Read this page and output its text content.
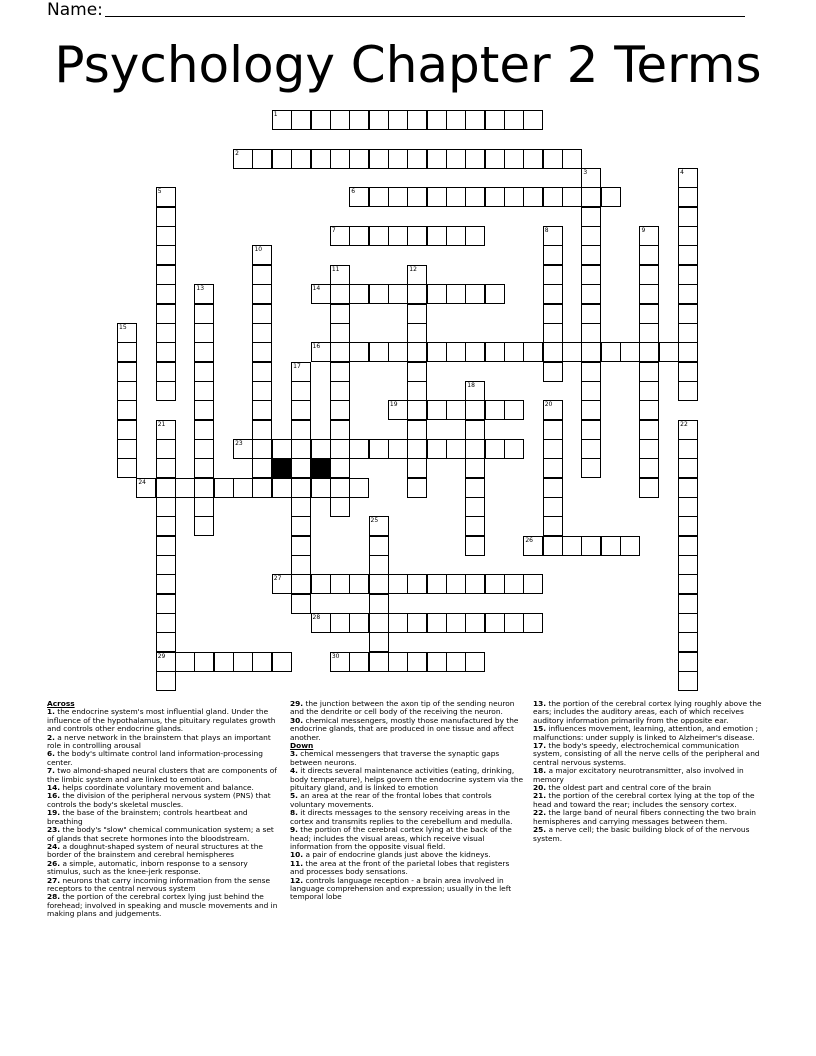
Name:
Psychology Chapter 2 Terms
1
2
3	4
5	6
7	8	9
10
11	12
13	14
15
16
17
18
19	20
21
29
22
23
24
25
26
27
28
30
Across

1. the endocrine system's most influential gland. Under the influence of the hypothalamus, the pituitary regulates growth and controls other endocrine glands.

2. a nerve network in the brainstem that plays an important role in controlling arousal

6. the body's ultimate control land information-processing center.

7. two almond-shaped neural clusters that are components of the limbic system and are linked to emotion.

14. helps coordinate voluntary movement and balance.

16. the division of the peripheral nervous system (PNS) that controls the body's skeletal muscles.

19. the base of the brainstem; controls heartbeat and breathing

23. the body's "slow" chemical communication system; a set of glands that secrete hormones into the bloodstream.

24. a doughnut-shaped system of neural structures at the border of the brainstem and cerebral hemispheres

26. a simple, automatic, inborn response to a sensory stimulus, such as the knee-jerk response.

27. neurons that carry incoming information from the sense receptors to the central nervous system

28. the portion of the cerebral cortex lying just behind the forehead; involved in speaking and muscle movements and in making plans and judgements.

29. the junction between the axon tip of the sending neuron and the dendrite or cell body of the receiving the neuron.

30. chemical messengers, mostly those manufactured by the endocrine glands, that are produced in one tissue and affect another.

Down

3. chemical messengers that traverse the synaptic gaps between neurons.

4. it directs several maintenance activities (eating, drinking, body temperature), helps govern the endocrine system via the pituitary gland, and is linked to emotion

5. an area at the rear of the frontal lobes that controls voluntary movements.

8. it directs messages to the sensory receiving areas in the cortex and transmits replies to the cerebellum and medulla.

9. the portion of the cerebral cortex lying at the back of the head; includes the visual areas, which receive visual information from the opposite visual field.

10. a pair of endocrine glands just above the kidneys.

11. the area at the front of the parietal lobes that registers and processes body sensations.

12. controls language reception - a brain area involved in language comprehension and expression; usually in the left temporal lobe

13. the portion of the cerebral cortex lying roughly above the ears; includes the auditory areas, each of which receives auditory information primarily from the opposite ear.

15. influences movement, learning, attention, and emotion ; malfunctions: under supply is linked to Alzheimer's disease.

17. the body's speedy, electrochemical communication system, consisting of all the nerve cells of the peripheral and central nervous systems.

18. a major excitatory neurotransmitter, also involved in memory

20. the oldest part and central core of the brain

21. the portion of the cerebral cortex lying at the top of the head and toward the rear; includes the sensory cortex.

22. the large band of neural fibers connecting the two brain hemispheres and carrying messages between them.

25. a nerve cell; the basic building block of of the nervous system.
